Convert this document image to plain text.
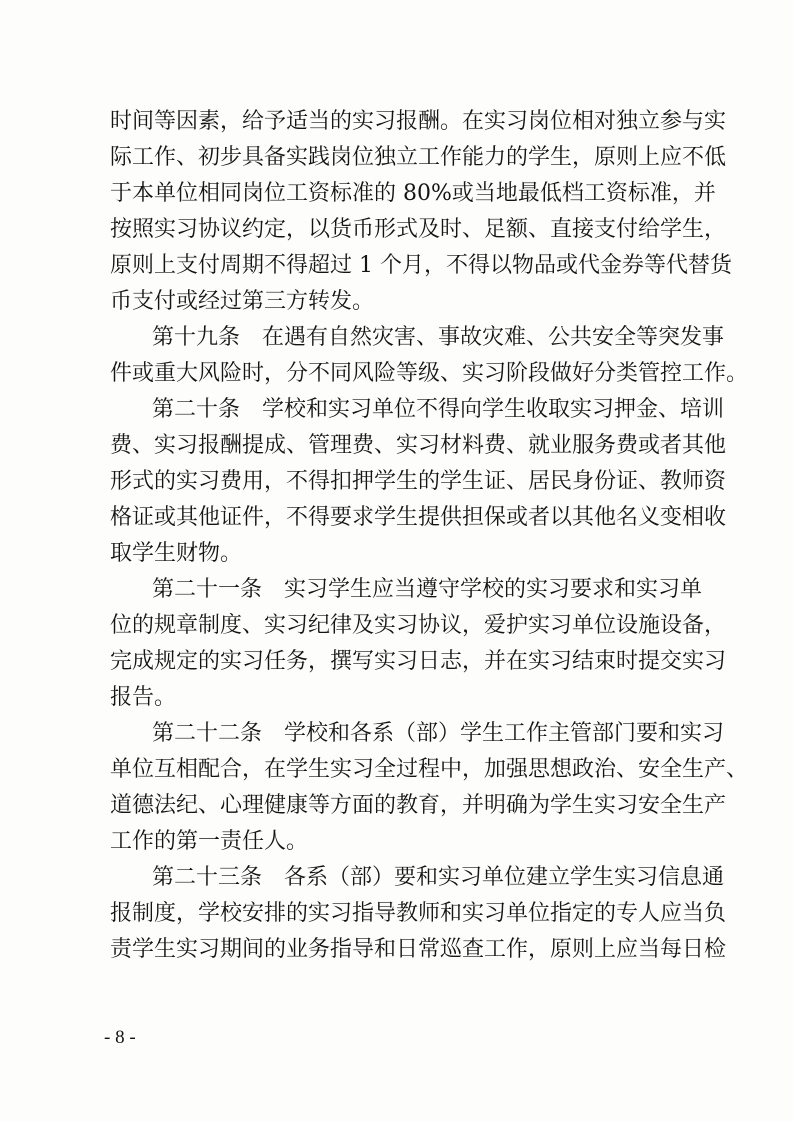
时间等因素，给予适当的实习报酬。在实习岗位相对独立参与实
际工作、初步具备实践岗位独立工作能力的学生，原则上应不低
于本单位相同岗位工资标准的 80%或当地最低档工资标准，并
按照实习协议约定，以货币形式及时、足额、直接支付给学生，
原则上支付周期不得超过 1 个月，不得以物品或代金券等代替货
币支付或经过第三方转发。
第十九条　在遇有自然灾害、事故灾难、公共安全等突发事
件或重大风险时，分不同风险等级、实习阶段做好分类管控工作。
第二十条　学校和实习单位不得向学生收取实习押金、培训
费、实习报酬提成、管理费、实习材料费、就业服务费或者其他
形式的实习费用，不得扣押学生的学生证、居民身份证、教师资
格证或其他证件，不得要求学生提供担保或者以其他名义变相收
取学生财物。
第二十一条　实习学生应当遵守学校的实习要求和实习单
位的规章制度、实习纪律及实习协议，爱护实习单位设施设备，
完成规定的实习任务，撰写实习日志，并在实习结束时提交实习
报告。
第二十二条　学校和各系（部）学生工作主管部门要和实习
单位互相配合，在学生实习全过程中，加强思想政治、安全生产、
道德法纪、心理健康等方面的教育，并明确为学生实习安全生产
工作的第一责任人。
第二十三条　各系（部）要和实习单位建立学生实习信息通
报制度，学校安排的实习指导教师和实习单位指定的专人应当负
责学生实习期间的业务指导和日常巡查工作，原则上应当每日检
- 8 -
